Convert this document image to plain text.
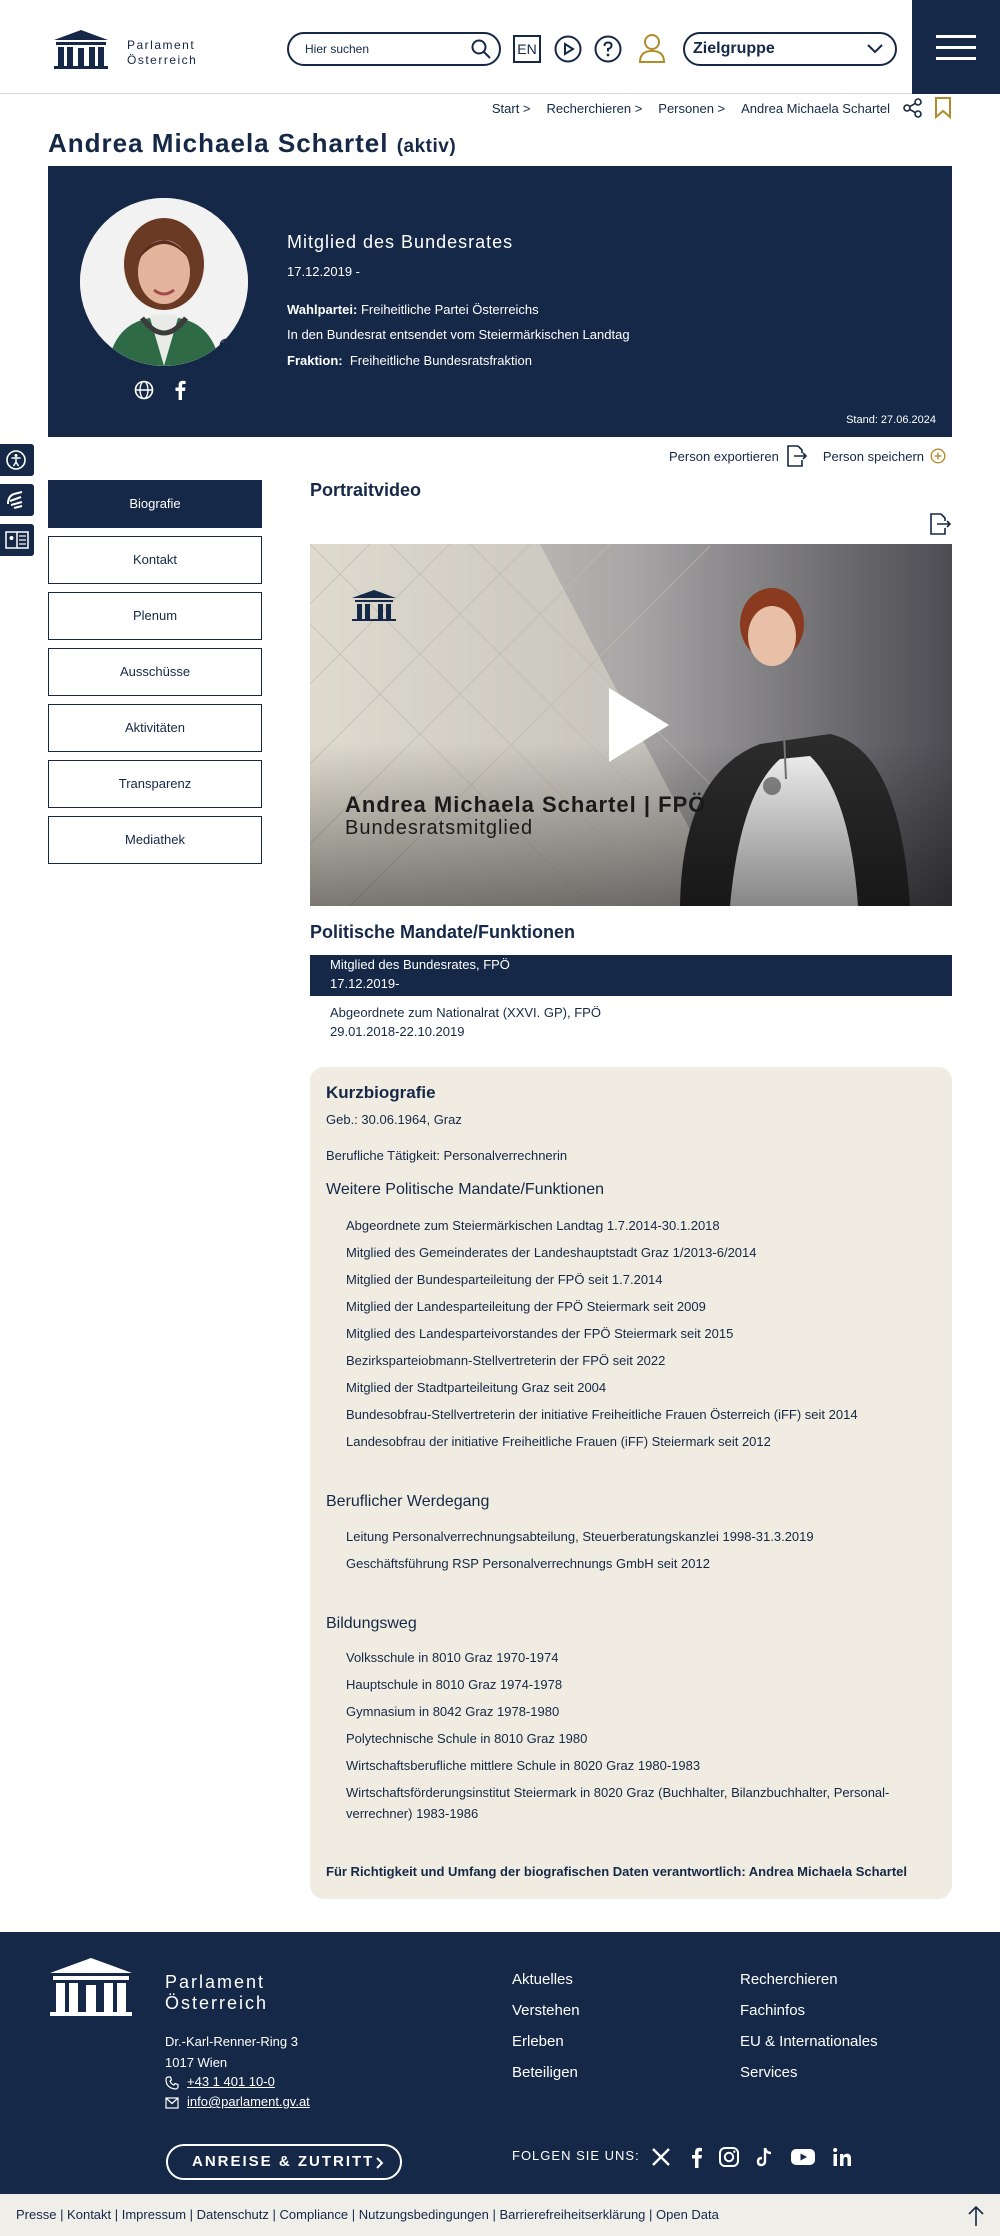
Parlament
Österreich
Hier suchen
EN	Zielgruppe
Start > Recherchieren > Personen > Andrea Michaela Schartel
Andrea Michaela Schartel (aktiv)
Mitglied des Bundesrates
17.12.2019 -
Wahlpartei: Freiheitliche Partei Österreichs
In den Bundesrat entsendet vom Steiermärkischen Landtag
Fraktion: Freiheitliche Bundesratsfraktion
Stand: 27.06.2024
Person exportieren	Person speichern
Biografie
Kontakt
Plenum
Ausschüsse
Aktivitäten
Transparenz
Mediathek
Portraitvideo
Andrea Michaela Schartel | FPÖ
Bundesratsmitglied
Politische Mandate/Funktionen
Mitglied des Bundesrates, FPÖ
17.12.2019-
Abgeordnete zum Nationalrat (XXVI. GP), FPÖ
29.01.2018-22.10.2019
Kurzbiografie
Geb.: 30.06.1964, Graz
Berufliche Tätigkeit: Personalverrechnerin
Weitere Politische Mandate/Funktionen
Abgeordnete zum Steiermärkischen Landtag 1.7.2014-30.1.2018
Mitglied des Gemeinderates der Landeshauptstadt Graz 1/2013-6/2014
Mitglied der Bundesparteileitung der FPÖ seit 1.7.2014
Mitglied der Landesparteileitung der FPÖ Steiermark seit 2009
Mitglied des Landesparteivorstandes der FPÖ Steiermark seit 2015
Bezirksparteiobmann-Stellvertreterin der FPÖ seit 2022
Mitglied der Stadtparteileitung Graz seit 2004
Bundesobfrau-Stellvertreterin der initiative Freiheitliche Frauen Österreich (iFF) seit 2014
Landesobfrau der initiative Freiheitliche Frauen (iFF) Steiermark seit 2012
Beruflicher Werdegang
Leitung Personalverrechnungsabteilung, Steuerberatungskanzlei 1998-31.3.2019
Geschäftsführung RSP Personalverrechnungs GmbH seit 2012
Bildungsweg
Volksschule in 8010 Graz 1970-1974
Hauptschule in 8010 Graz 1974-1978
Gymnasium in 8042 Graz 1978-1980
Polytechnische Schule in 8010 Graz 1980
Wirtschaftsberufliche mittlere Schule in 8020 Graz 1980-1983
Wirtschaftsförderungsinstitut Steiermark in 8020 Graz (Buchhalter, Bilanzbuchhalter, Personal-verrechner) 1983-1986
Für Richtigkeit und Umfang der biografischen Daten verantwortlich: Andrea Michaela Schartel
Parlament
Österreich
Dr.-Karl-Renner-Ring 3
1017 Wien
+43 1 401 10-0
info@parlament.gv.at
Aktuelles
Verstehen
Erleben
Beteiligen
Recherchieren
Fachinfos
EU & Internationales
Services
ANREISE & ZUTRITT	FOLGEN SIE UNS:
Presse | Kontakt | Impressum | Datenschutz | Compliance | Nutzungsbedingungen | Barrierefreiheitserklärung | Open Data
